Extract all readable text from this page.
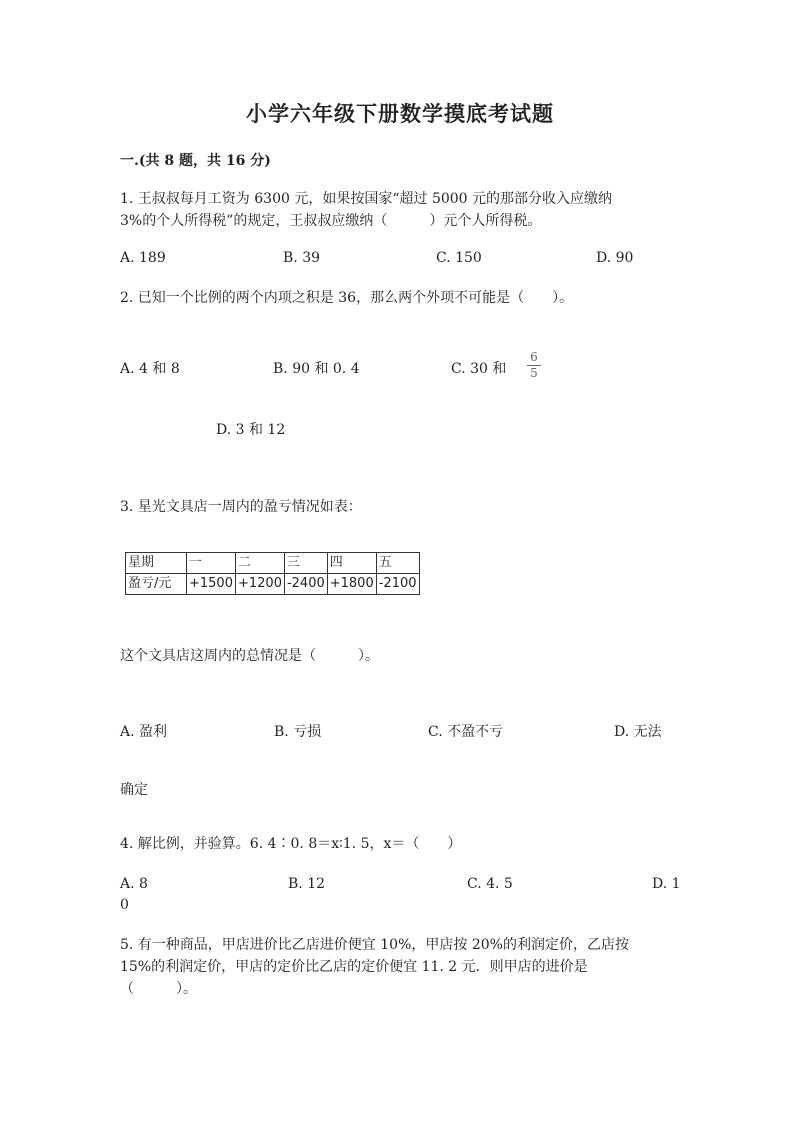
小学六年级下册数学摸底考试题
一.(共 8 题，共 16 分)
1. 王叔叔每月工资为 6300 元，如果按国家“超过 5000 元的那部分收入应缴纳
3%的个人所得税”的规定，王叔叔应缴纳（　　　）元个人所得税。
A. 189	B. 39	C. 150	D. 90
2. 已知一个比例的两个内项之积是 36，那么两个外项不可能是（　　）。
A. 4 和 8	B. 90 和 0. 4	C. 30 和
6
5
D. 3 和 12
3. 星光文具店一周内的盈亏情况如表：
星期	一	二	三	四	五
盈亏/元	+1500	+1200	-2400	+1800	-2100
这个文具店这周内的总情况是（　　　）。
A. 盈利	B. 亏损	C. 不盈不亏	D. 无法
确定
4. 解比例，并验算。6. 4∶0. 8＝x∶1. 5，x＝（　　）
A. 8	B. 12	C. 4. 5	D. 1
0
5. 有一种商品，甲店进价比乙店进价便宜 10%，甲店按 20%的利润定价，乙店按
15%的利润定价，甲店的定价比乙店的定价便宜 11. 2 元．则甲店的进价是
（　　　）。
